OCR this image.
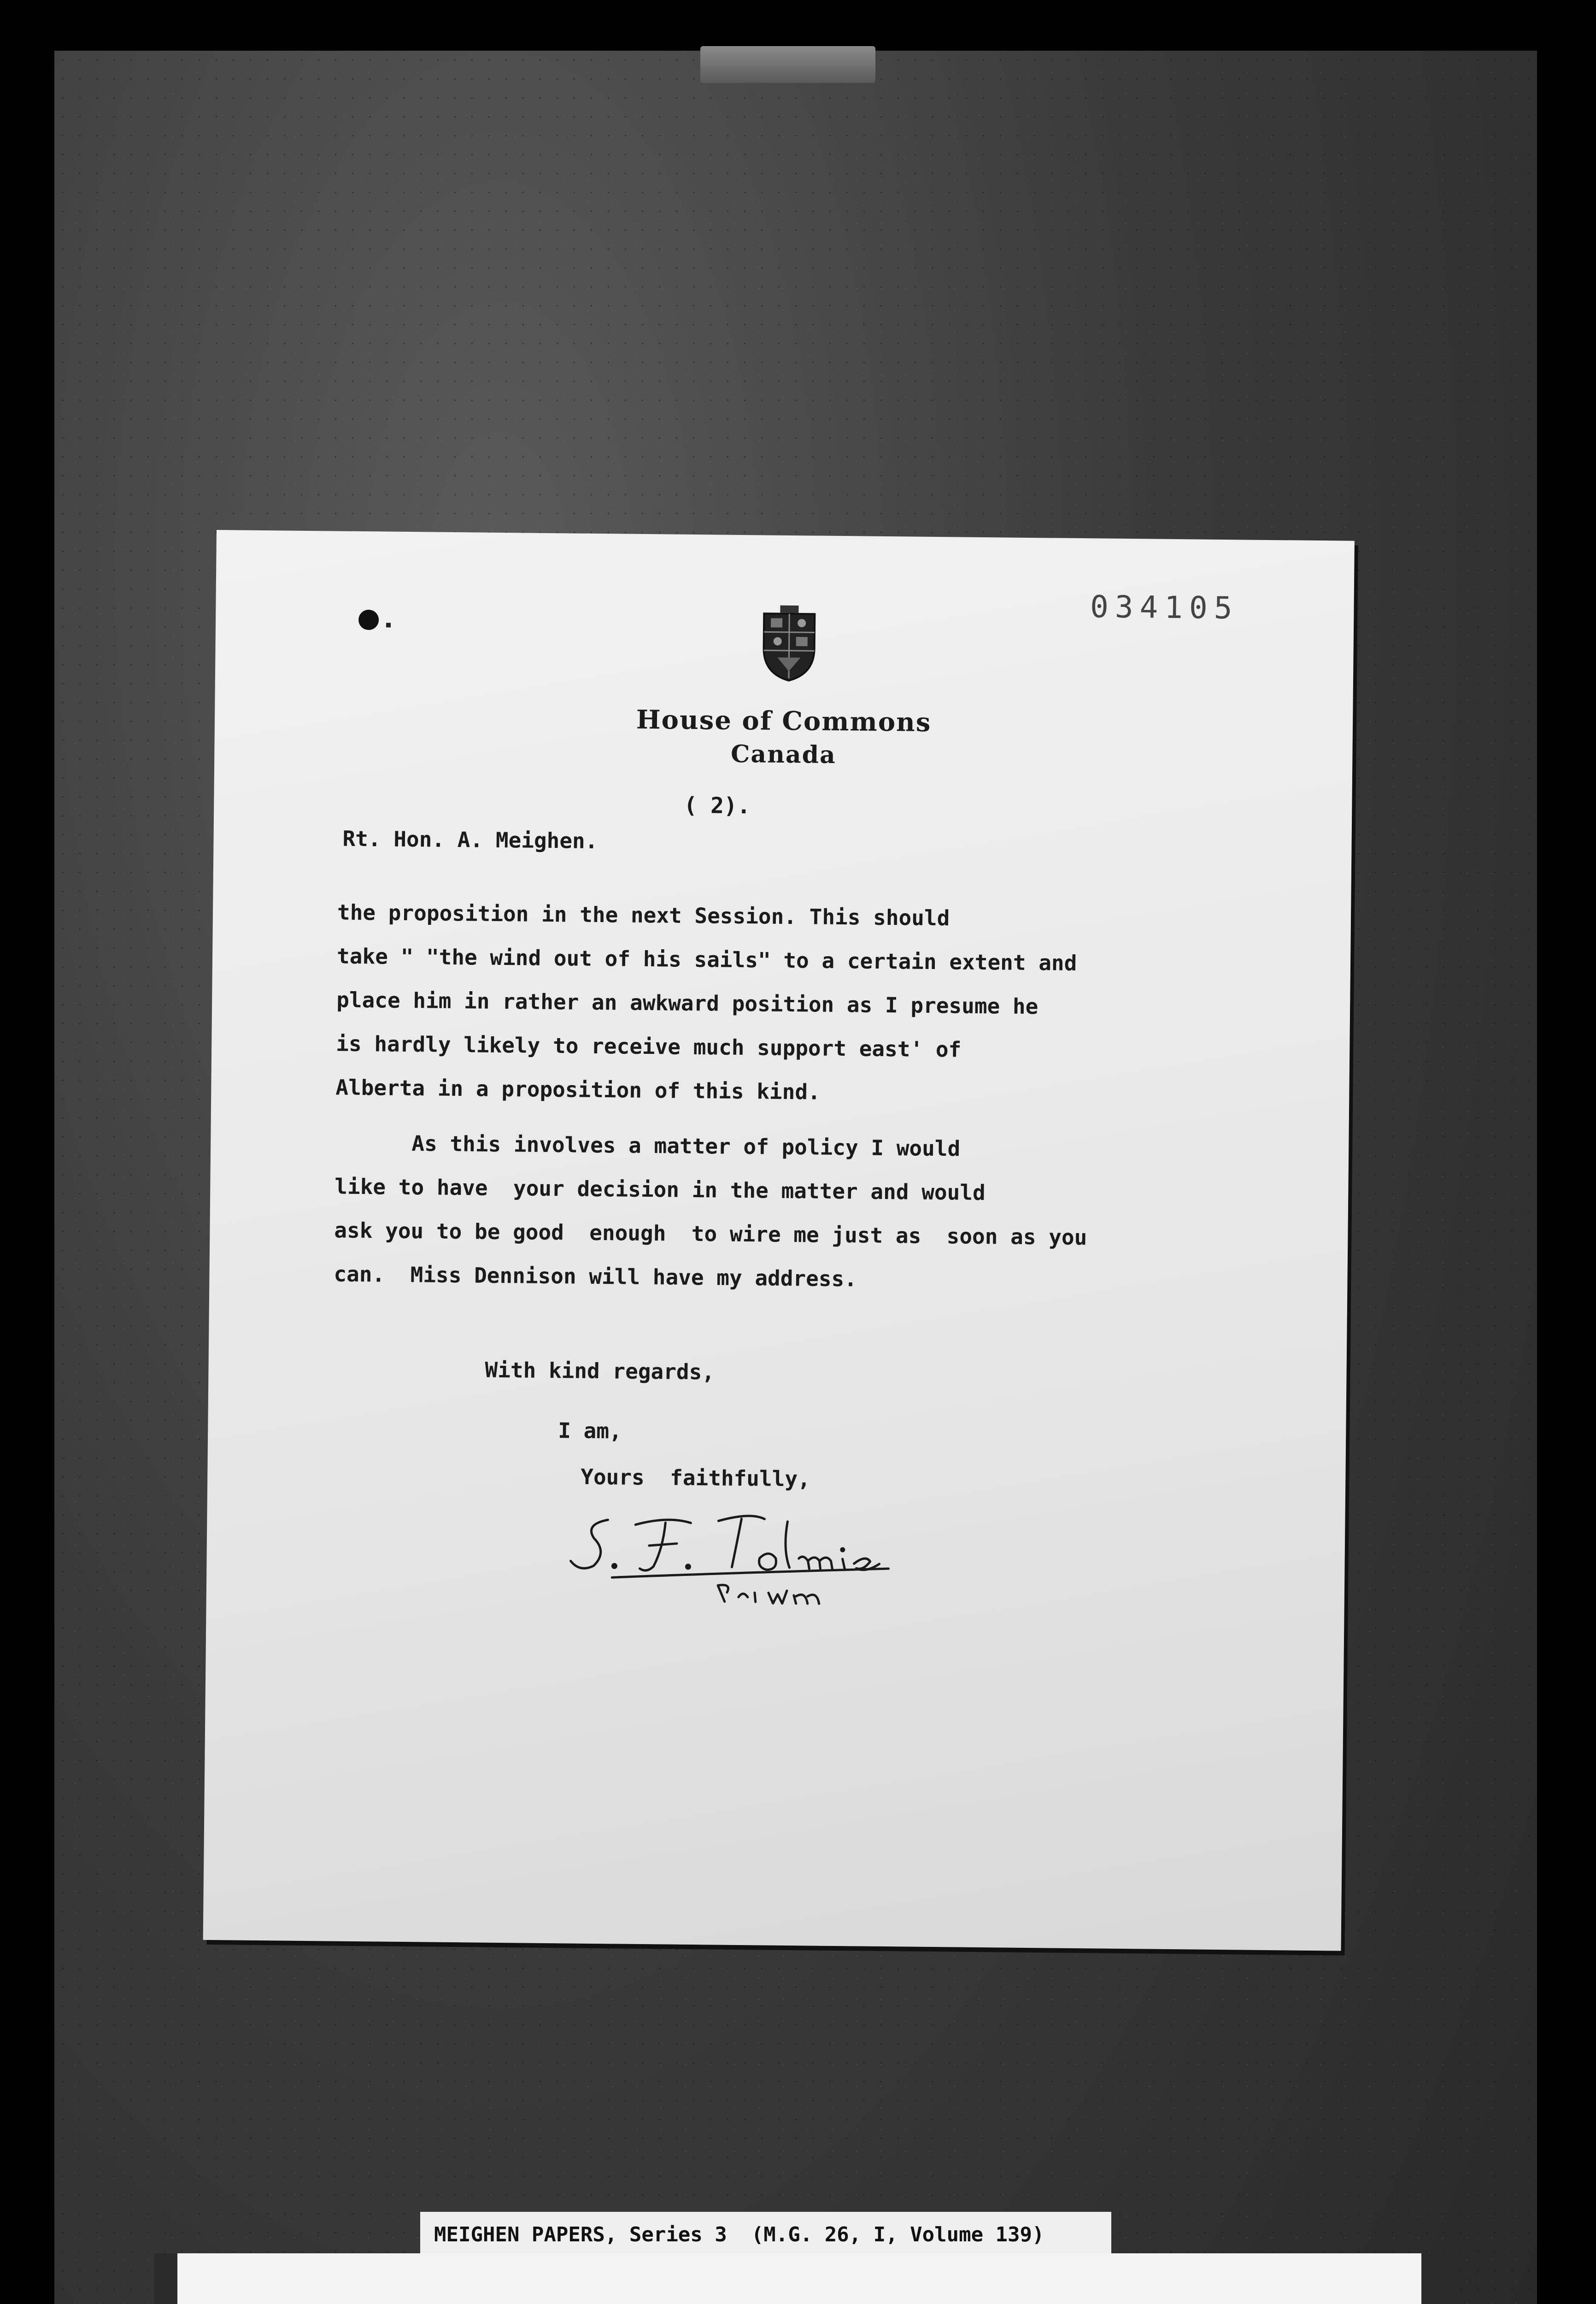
034105
House of Commons
Canada
( 2).
Rt. Hon. A. Meighen.
the proposition in the next Session. This should
take " "the wind out of his sails" to a certain extent and
place him in rather an awkward position as I presume he
is hardly likely to receive much support east' of
Alberta in a proposition of this kind.
As this involves a matter of policy I would
like to have  your decision in the matter and would
ask you to be good  enough  to wire me just as  soon as you
can.  Miss Dennison will have my address.
With kind regards,
I am,
Yours  faithfully,
MEIGHEN PAPERS, Series 3  (M.G. 26, I, Volume 139)
